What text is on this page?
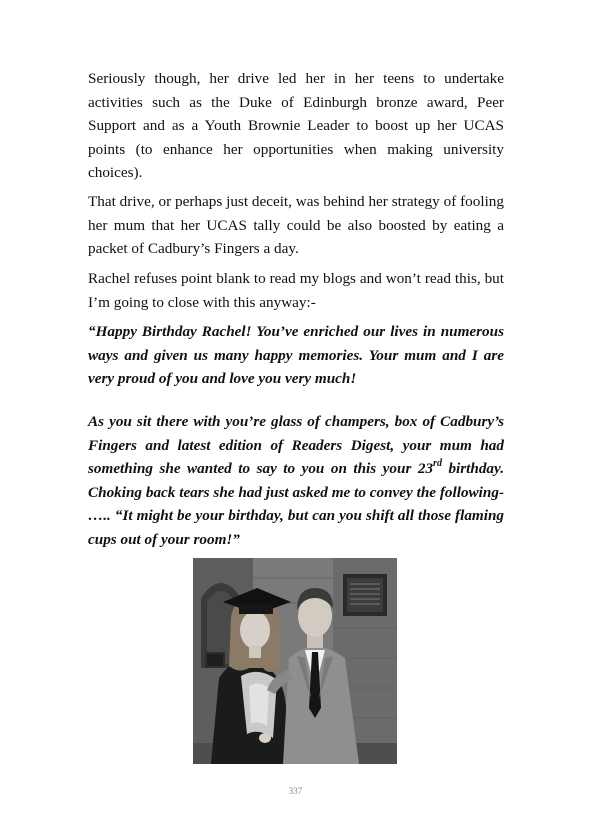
Seriously though, her drive led her in her teens to undertake activities such as the Duke of Edinburgh bronze award, Peer Support and as a Youth Brownie Leader to boost up her UCAS points (to enhance her opportunities when making university choices).

That drive, or perhaps just deceit, was behind her strategy of fooling her mum that her UCAS tally could be also boosted by eating a packet of Cadbury’s Fingers a day.

Rachel refuses point blank to read my blogs and won’t read this, but I’m going to close with this anyway:-

“Happy Birthday Rachel! You’ve enriched our lives in numerous ways and given us many happy memories. Your mum and I are very proud of you and love you very much!

As you sit there with you’re glass of champers, box of Cadbury’s Fingers and latest edition of Readers Digest, your mum had something she wanted to say to you on this your 23rd birthday. Choking back tears she had just asked me to convey the following- ….. “It might be your birthday, but can you shift all those flaming cups out of your room!”

337
